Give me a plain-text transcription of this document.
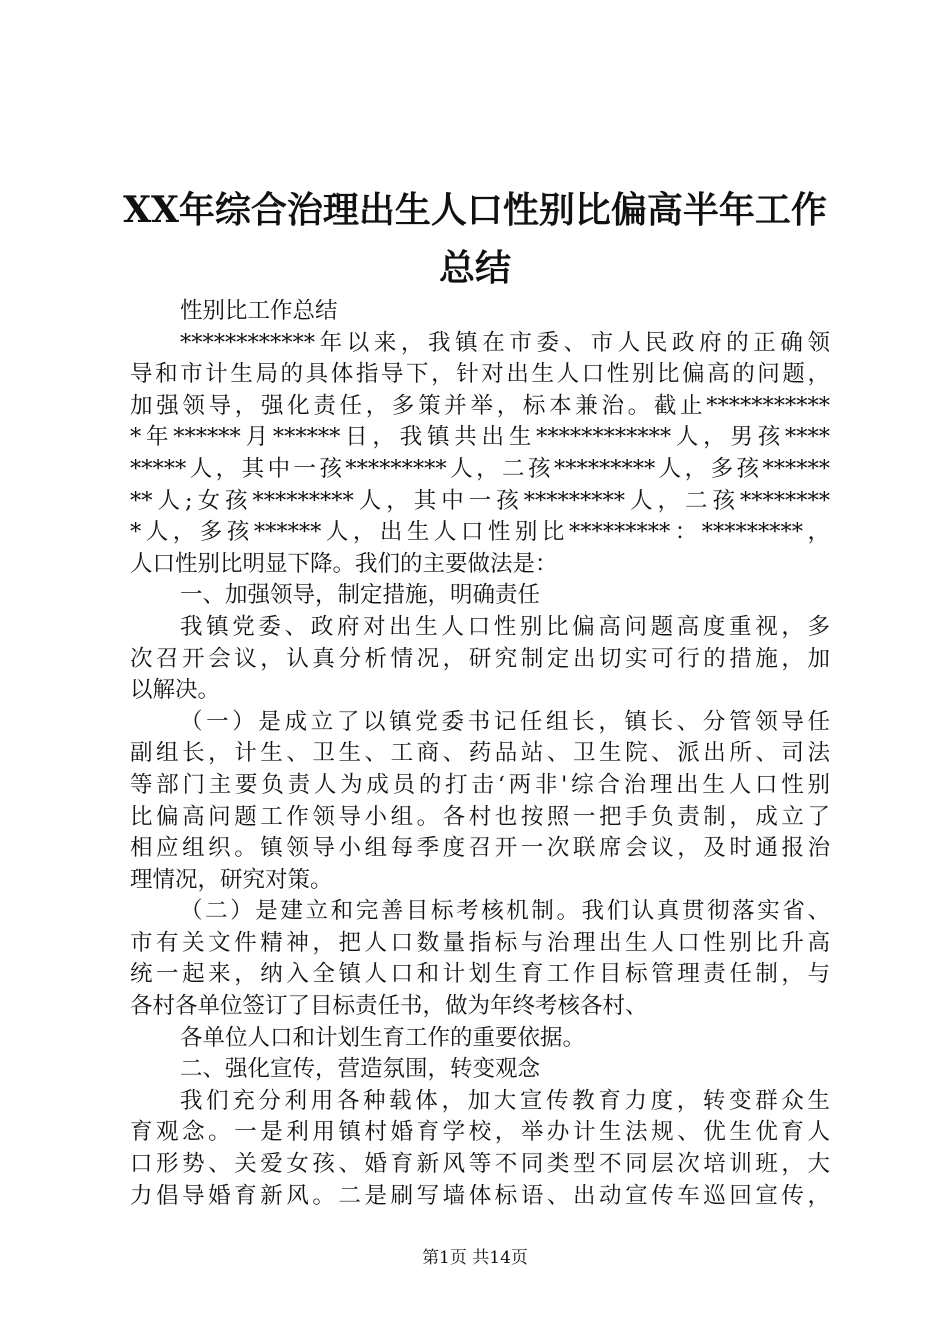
XX年综合治理出生人口性别比偏高半年工作
总结
性别比工作总结
************年以来，我镇在市委、市人民政府的正确领
导和市计生局的具体指导下，针对出生人口性别比偏高的问题，
加强领导，强化责任，多策并举，标本兼治。截止***********
*年******月******日，我镇共出生************人，男孩****
*****人，其中一孩*********人，二孩*********人，多孩******
**人;女孩*********人，其中一孩*********人，二孩********
*人，多孩******人，出生人口性别比*********：*********，
人口性别比明显下降。我们的主要做法是：
一、加强领导，制定措施，明确责任
我镇党委、政府对出生人口性别比偏高问题高度重视，多
次召开会议，认真分析情况，研究制定出切实可行的措施，加
以解决。
（一）是成立了以镇党委书记任组长，镇长、分管领导任
副组长，计生、卫生、工商、药品站、卫生院、派出所、司法
等部门主要负责人为成员的打击‘两非'综合治理出生人口性别
比偏高问题工作领导小组。各村也按照一把手负责制，成立了
相应组织。镇领导小组每季度召开一次联席会议，及时通报治
理情况，研究对策。
（二）是建立和完善目标考核机制。我们认真贯彻落实省、
市有关文件精神，把人口数量指标与治理出生人口性别比升高
统一起来，纳入全镇人口和计划生育工作目标管理责任制，与
各村各单位签订了目标责任书，做为年终考核各村、
各单位人口和计划生育工作的重要依据。
二、强化宣传，营造氛围，转变观念
我们充分利用各种载体，加大宣传教育力度，转变群众生
育观念。一是利用镇村婚育学校，举办计生法规、优生优育人
口形势、关爱女孩、婚育新风等不同类型不同层次培训班，大
力倡导婚育新风。二是刷写墙体标语、出动宣传车巡回宣传，
第1页 共14页
